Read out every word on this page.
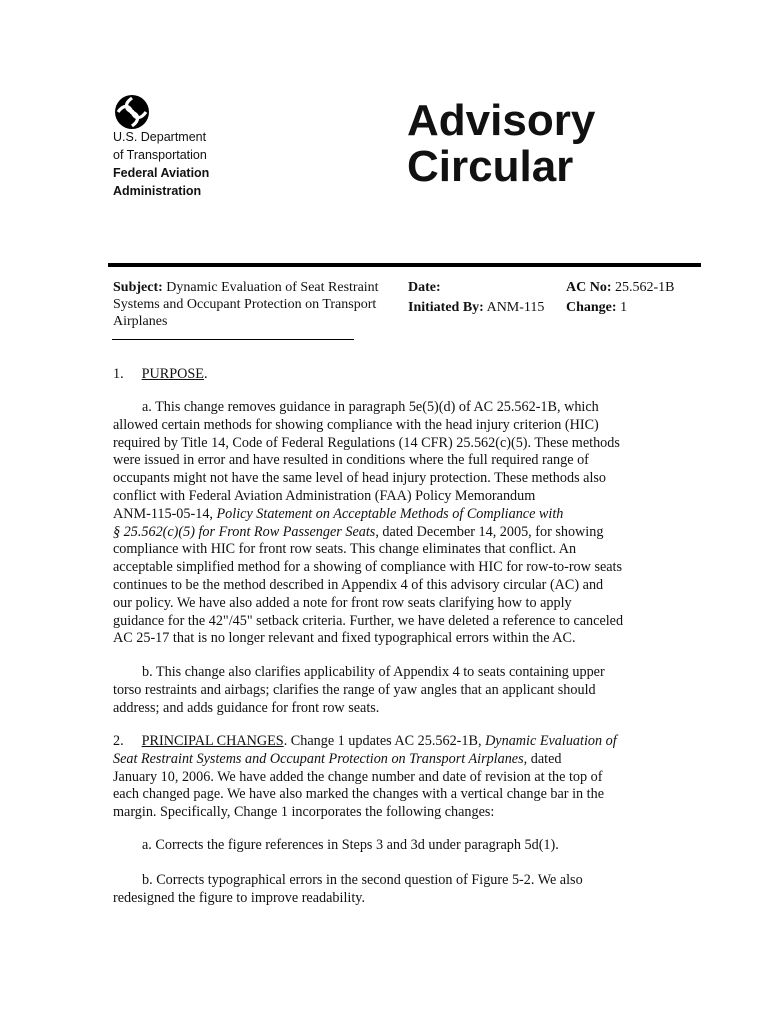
U.S. Department
of Transportation
Federal Aviation
Administration
Advisory
Circular
Subject: Dynamic Evaluation of Seat Restraint
Systems and Occupant Protection on Transport
Airplanes
Date:
Initiated By: ANM-115
AC No: 25.562-1B
Change: 1
1. PURPOSE.
a. This change removes guidance in paragraph 5e(5)(d) of AC 25.562-1B, which
allowed certain methods for showing compliance with the head injury criterion (HIC)
required by Title 14, Code of Federal Regulations (14 CFR) 25.562(c)(5). These methods
were issued in error and have resulted in conditions where the full required range of
occupants might not have the same level of head injury protection. These methods also
conflict with Federal Aviation Administration (FAA) Policy Memorandum
ANM-115-05-14, Policy Statement on Acceptable Methods of Compliance with
§ 25.562(c)(5) for Front Row Passenger Seats, dated December 14, 2005, for showing
compliance with HIC for front row seats. This change eliminates that conflict. An
acceptable simplified method for a showing of compliance with HIC for row-to-row seats
continues to be the method described in Appendix 4 of this advisory circular (AC) and
our policy. We have also added a note for front row seats clarifying how to apply
guidance for the 42"/45" setback criteria. Further, we have deleted a reference to canceled
AC 25-17 that is no longer relevant and fixed typographical errors within the AC.
b. This change also clarifies applicability of Appendix 4 to seats containing upper
torso restraints and airbags; clarifies the range of yaw angles that an applicant should
address; and adds guidance for front row seats.
2. PRINCIPAL CHANGES. Change 1 updates AC 25.562-1B, Dynamic Evaluation of
Seat Restraint Systems and Occupant Protection on Transport Airplanes, dated
January 10, 2006. We have added the change number and date of revision at the top of
each changed page. We have also marked the changes with a vertical change bar in the
margin. Specifically, Change 1 incorporates the following changes:
a. Corrects the figure references in Steps 3 and 3d under paragraph 5d(1).
b. Corrects typographical errors in the second question of Figure 5-2. We also
redesigned the figure to improve readability.
